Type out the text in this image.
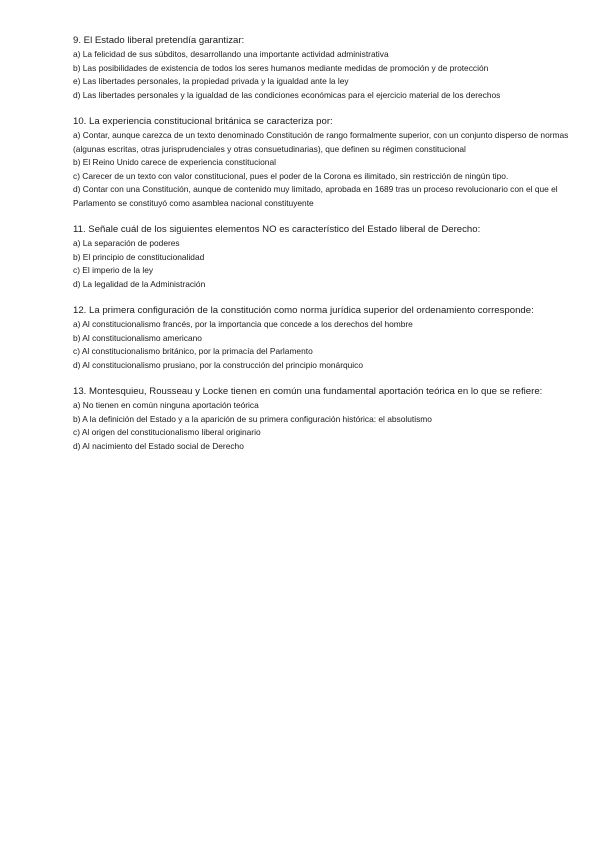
9. El Estado liberal pretendía garantizar:

a) La felicidad de sus súbditos, desarrollando una importante actividad administrativa

b) Las posibilidades de existencia de todos los seres humanos mediante medidas de promoción y de protección

e) Las libertades personales, la propiedad privada y la igualdad ante la ley

d) Las libertades personales y la igualdad de las condiciones económicas para el ejercicio material de los derechos

10. La experiencia constitucional británica se caracteriza por:

a) Contar, aunque carezca de un texto denominado Constitución de rango formalmente superior, con un conjunto disperso de normas (algunas escritas, otras jurisprudenciales y otras consuetudinarias), que definen su régimen constitucional

b) El Reino Unido carece de experiencia constitucional

c) Carecer de un texto con valor constitucional, pues el poder de la Corona es ilimitado, sin restricción de ningún tipo.

d) Contar con una Constitución, aunque de contenido muy limitado, aprobada en 1689 tras un proceso revolucionario con el que el Parlamento se constituyó como asamblea nacional constituyente

11. Señale cuál de los siguientes elementos NO es característico del Estado liberal de Derecho:

a) La separación de poderes

b) El principio de constitucionalidad

c) El imperio de la ley

d) La legalidad de la Administración

12. La primera configuración de la constitución como norma jurídica superior del ordenamiento corresponde:

a) Al constitucionalismo francés, por la importancia que concede a los derechos del hombre

b) Al constitucionalismo americano

c) Al constitucionalismo británico, por la primacía del Parlamento

d) Al constitucionalismo prusiano, por la construcción del principio monárquico

13. Montesquieu, Rousseau y Locke tienen en común una fundamental aportación teórica en lo que se refiere:

a) No tienen en común ninguna aportación teórica

b) A la definición del Estado y a la aparición de su primera configuración histórica: el absolutismo

c) Al origen del constitucionalismo liberal originario

d) Al nacimiento del Estado social de Derecho
